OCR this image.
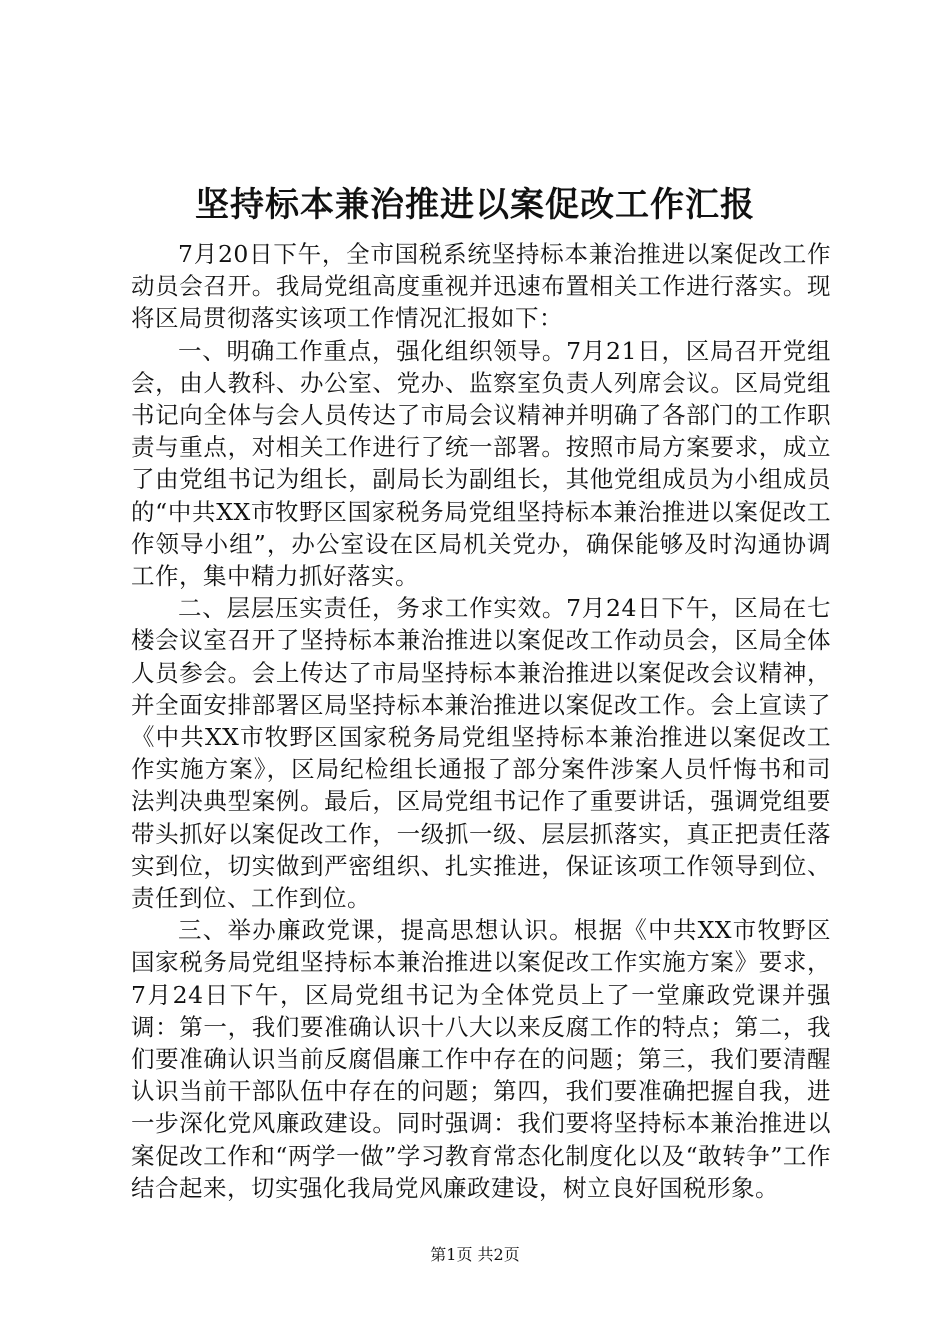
坚持标本兼治推进以案促改工作汇报

7月20日下午，全市国税系统坚持标本兼治推进以案促改工作动员会召开。我局党组高度重视并迅速布置相关工作进行落实。现将区局贯彻落实该项工作情况汇报如下：

一、明确工作重点，强化组织领导。7月21日，区局召开党组会，由人教科、办公室、党办、监察室负责人列席会议。区局党组书记向全体与会人员传达了市局会议精神并明确了各部门的工作职责与重点，对相关工作进行了统一部署。按照市局方案要求，成立了由党组书记为组长，副局长为副组长，其他党组成员为小组成员的“中共XX市牧野区国家税务局党组坚持标本兼治推进以案促改工作领导小组”，办公室设在区局机关党办，确保能够及时沟通协调工作，集中精力抓好落实。

二、层层压实责任，务求工作实效。7月24日下午，区局在七楼会议室召开了坚持标本兼治推进以案促改工作动员会，区局全体人员参会。会上传达了市局坚持标本兼治推进以案促改会议精神，并全面安排部署区局坚持标本兼治推进以案促改工作。会上宣读了《中共XX市牧野区国家税务局党组坚持标本兼治推进以案促改工作实施方案》，区局纪检组长通报了部分案件涉案人员忏悔书和司法判决典型案例。最后，区局党组书记作了重要讲话，强调党组要带头抓好以案促改工作，一级抓一级、层层抓落实，真正把责任落实到位，切实做到严密组织、扎实推进，保证该项工作领导到位、责任到位、工作到位。

三、举办廉政党课，提高思想认识。根据《中共XX市牧野区国家税务局党组坚持标本兼治推进以案促改工作实施方案》要求，7月24日下午，区局党组书记为全体党员上了一堂廉政党课并强调：第一，我们要准确认识十八大以来反腐工作的特点；第二，我们要准确认识当前反腐倡廉工作中存在的问题；第三，我们要清醒认识当前干部队伍中存在的问题；第四，我们要准确把握自我，进一步深化党风廉政建设。同时强调：我们要将坚持标本兼治推进以案促改工作和“两学一做”学习教育常态化制度化以及“敢转争”工作结合起来，切实强化我局党风廉政建设，树立良好国税形象。

第1页 共2页
